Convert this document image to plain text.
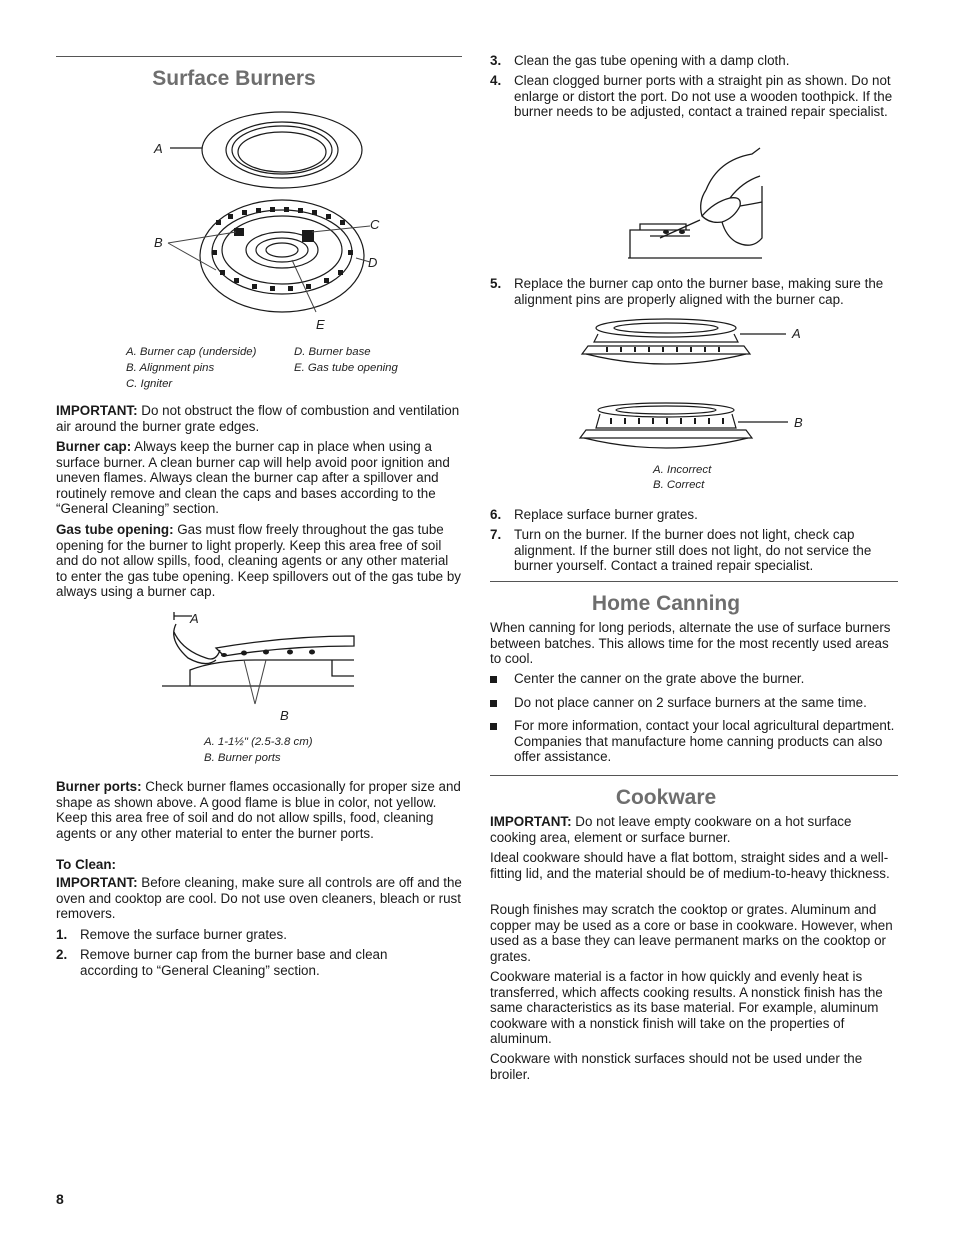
Surface Burners
A
B
C
D
E
A. Burner cap (underside)
B. Alignment pins
C. Igniter
D. Burner base
E. Gas tube opening

IMPORTANT: Do not obstruct the flow of combustion and ventilation air around the burner grate edges.

Burner cap: Always keep the burner cap in place when using a surface burner. A clean burner cap will help avoid poor ignition and uneven flames. Always clean the burner cap after a spillover and routinely remove and clean the caps and bases according to the “General Cleaning” section.

Gas tube opening: Gas must flow freely throughout the gas tube opening for the burner to light properly. Keep this area free of soil and do not allow spills, food, cleaning agents or any other material to enter the gas tube opening. Keep spillovers out of the gas tube by always using a burner cap.

A
B
A. 1-1½" (2.5-3.8 cm)
B. Burner ports

Burner ports: Check burner flames occasionally for proper size and shape as shown above. A good flame is blue in color, not yellow. Keep this area free of soil and do not allow spills, food, cleaning agents or any other material to enter the burner ports.

To Clean:

IMPORTANT: Before cleaning, make sure all controls are off and the oven and cooktop are cool. Do not use oven cleaners, bleach or rust removers.

1. Remove the surface burner grates.
2. Remove burner cap from the burner base and clean according to “General Cleaning” section.
8
3. Clean the gas tube opening with a damp cloth.
4. Clean clogged burner ports with a straight pin as shown. Do not enlarge or distort the port. Do not use a wooden toothpick. If the burner needs to be adjusted, contact a trained repair specialist.
5. Replace the burner cap onto the burner base, making sure the alignment pins are properly aligned with the burner cap.
A
B
A. Incorrect
B. Correct
6. Replace surface burner grates.
7. Turn on the burner. If the burner does not light, check cap alignment. If the burner still does not light, do not service the burner yourself. Contact a trained repair specialist.
Home Canning

When canning for long periods, alternate the use of surface burners between batches. This allows time for the most recently used areas to cool.

Center the canner on the grate above the burner.
Do not place canner on 2 surface burners at the same time.
For more information, contact your local agricultural department. Companies that manufacture home canning products can also offer assistance.
Cookware

IMPORTANT: Do not leave empty cookware on a hot surface cooking area, element or surface burner.

Ideal cookware should have a flat bottom, straight sides and a well-fitting lid, and the material should be of medium-to-heavy thickness.

Rough finishes may scratch the cooktop or grates. Aluminum and copper may be used as a core or base in cookware. However, when used as a base they can leave permanent marks on the cooktop or grates.

Cookware material is a factor in how quickly and evenly heat is transferred, which affects cooking results. A nonstick finish has the same characteristics as its base material. For example, aluminum cookware with a nonstick finish will take on the properties of aluminum.

Cookware with nonstick surfaces should not be used under the broiler.
